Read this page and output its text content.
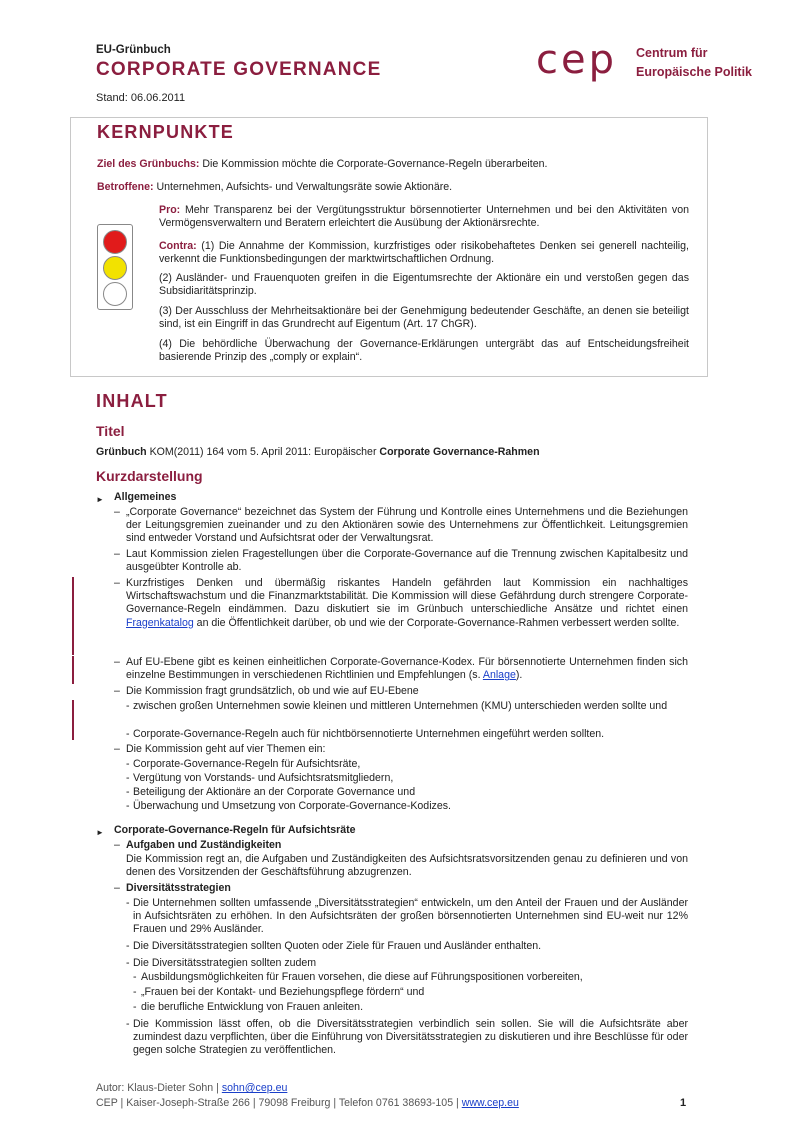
EU-Grünbuch
CORPORATE GOVERNANCE
Stand: 06.06.2011
cep Centrum für
Europäische Politik
KERNPUNKTE
Ziel des Grünbuchs: Die Kommission möchte die Corporate-Governance-Regeln überarbeiten.
Betroffene: Unternehmen, Aufsichts- und Verwaltungsräte sowie Aktionäre.
Pro: Mehr Transparenz bei der Vergütungsstruktur börsennotierter Unternehmen und bei den Aktivitäten von Vermögensverwaltern und Beratern erleichtert die Ausübung der Aktionärsrechte.
Contra: (1) Die Annahme der Kommission, kurzfristiges oder risikobehaftetes Denken sei generell nachteilig, verkennt die Funktionsbedingungen der marktwirtschaftlichen Ordnung.
(2) Ausländer- und Frauenquoten greifen in die Eigentumsrechte der Aktionäre ein und verstoßen gegen das Subsidiaritätsprinzip.
(3) Der Ausschluss der Mehrheitsaktionäre bei der Genehmigung bedeutender Geschäfte, an denen sie beteiligt sind, ist ein Eingriff in das Grundrecht auf Eigentum (Art. 17 ChGR).
(4) Die behördliche Überwachung der Governance-Erklärungen untergräbt das auf Entscheidungsfreiheit basierende Prinzip des „comply or explain“.
INHALT
Titel
Grünbuch KOM(2011) 164 vom 5. April 2011: Europäischer Corporate Governance-Rahmen
Kurzdarstellung
► Allgemeines
– „Corporate Governance“ bezeichnet das System der Führung und Kontrolle eines Unternehmens und die Beziehungen der Leitungsgremien zueinander und zu den Aktionären sowie des Unternehmens zur Öffentlichkeit. Leitungsgremien sind entweder Vorstand und Aufsichtsrat oder der Verwaltungsrat.
– Laut Kommission zielen Fragestellungen über die Corporate-Governance auf die Trennung zwischen Kapitalbesitz und ausgeübter Kontrolle ab.
– Kurzfristiges Denken und übermäßig riskantes Handeln gefährden laut Kommission ein nachhaltiges Wirtschaftswachstum und die Finanzmarktstabilität. Die Kommission will diese Gefährdung durch strengere Corporate-Governance-Regeln eindämmen. Dazu diskutiert sie im Grünbuch unterschiedliche Ansätze und richtet einen Fragenkatalog an die Öffentlichkeit darüber, ob und wie der Corporate-Governance-Rahmen verbessert werden sollte.
– Auf EU-Ebene gibt es keinen einheitlichen Corporate-Governance-Kodex. Für börsennotierte Unternehmen finden sich einzelne Bestimmungen in verschiedenen Richtlinien und Empfehlungen (s. Anlage).
– Die Kommission fragt grundsätzlich, ob und wie auf EU-Ebene
- zwischen großen Unternehmen sowie kleinen und mittleren Unternehmen (KMU) unterschieden werden sollte und
- Corporate-Governance-Regeln auch für nichtbörsennotierte Unternehmen eingeführt werden sollten.
– Die Kommission geht auf vier Themen ein:
- Corporate-Governance-Regeln für Aufsichtsräte,
- Vergütung von Vorstands- und Aufsichtsratsmitgliedern,
- Beteiligung der Aktionäre an der Corporate Governance und
- Überwachung und Umsetzung von Corporate-Governance-Kodizes.
► Corporate-Governance-Regeln für Aufsichtsräte
– Aufgaben und Zuständigkeiten
Die Kommission regt an, die Aufgaben und Zuständigkeiten des Aufsichtsratsvorsitzenden genau zu definieren und von denen des Vorsitzenden der Geschäftsführung abzugrenzen.
– Diversitätsstrategien
- Die Unternehmen sollten umfassende „Diversitätsstrategien“ entwickeln, um den Anteil der Frauen und der Ausländer in Aufsichtsräten zu erhöhen. In den Aufsichtsräten der großen börsennotierten Unternehmen sind EU-weit nur 12% Frauen und 29% Ausländer.
- Die Diversitätsstrategien sollten Quoten oder Ziele für Frauen und Ausländer enthalten.
- Die Diversitätsstrategien sollten zudem
- Ausbildungsmöglichkeiten für Frauen vorsehen, die diese auf Führungspositionen vorbereiten,
- „Frauen bei der Kontakt- und Beziehungspflege fördern“ und
- die berufliche Entwicklung von Frauen anleiten.
- Die Kommission lässt offen, ob die Diversitätsstrategien verbindlich sein sollen. Sie will die Aufsichtsräte aber zumindest dazu verpflichten, über die Einführung von Diversitätsstrategien zu diskutieren und ihre Beschlüsse für oder gegen solche Strategien zu veröffentlichen.
Autor: Klaus-Dieter Sohn | sohn@cep.eu
CEP | Kaiser-Joseph-Straße 266 | 79098 Freiburg | Telefon 0761 38693-105 | www.cep.eu	1
